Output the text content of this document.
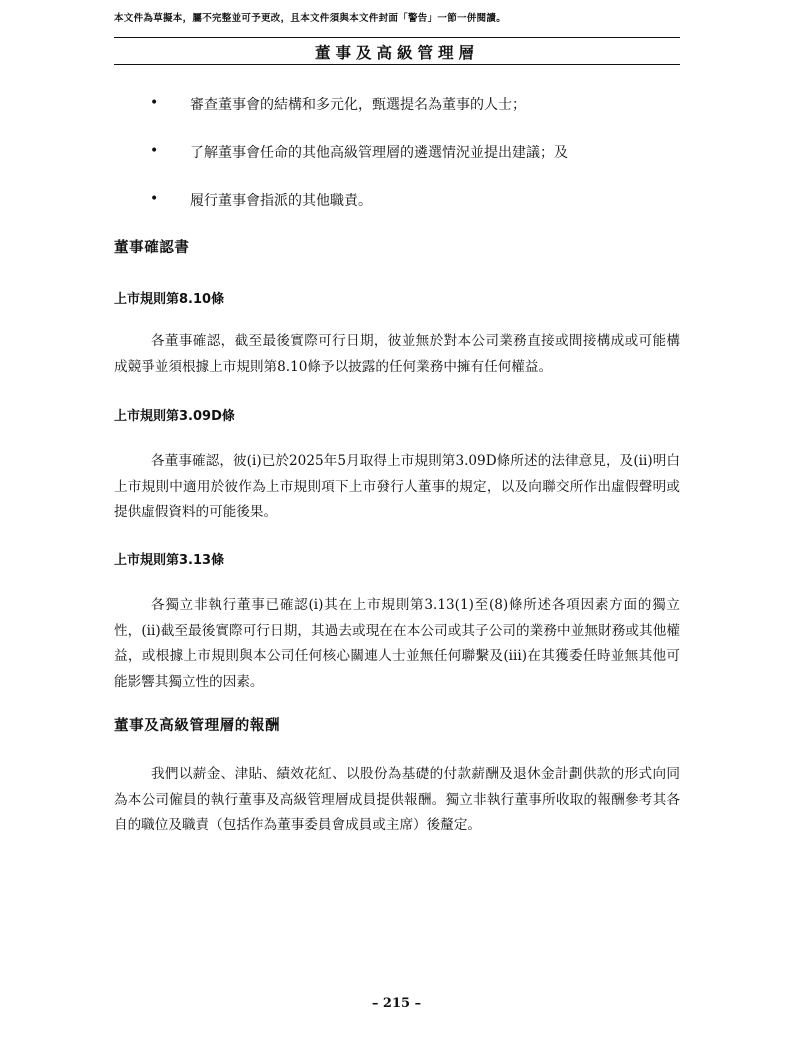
本文件為草擬本，屬不完整並可予更改，且本文件須與本文件封面「警告」一節一併閱讀。
董事及高級管理層
• 審查董事會的結構和多元化，甄選提名為董事的人士；
• 了解董事會任命的其他高級管理層的遴選情況並提出建議；及
• 履行董事會指派的其他職責。
董事確認書
上市規則第8.10條
各董事確認，截至最後實際可行日期，彼並無於對本公司業務直接或間接構成或可能構成競爭並須根據上市規則第8.10條予以披露的任何業務中擁有任何權益。
上市規則第3.09D條
各董事確認，彼(i)已於2025年5月取得上市規則第3.09D條所述的法律意見，及(ii)明白上市規則中適用於彼作為上市規則項下上市發行人董事的規定，以及向聯交所作出虛假聲明或提供虛假資料的可能後果。
上市規則第3.13條
各獨立非執行董事已確認(i)其在上市規則第3.13(1)至(8)條所述各項因素方面的獨立性，(ii)截至最後實際可行日期，其過去或現在在本公司或其子公司的業務中並無財務或其他權益，或根據上市規則與本公司任何核心關連人士並無任何聯繫及(iii)在其獲委任時並無其他可能影響其獨立性的因素。
董事及高級管理層的報酬
我們以薪金、津貼、績效花紅、以股份為基礎的付款薪酬及退休金計劃供款的形式向同為本公司僱員的執行董事及高級管理層成員提供報酬。獨立非執行董事所收取的報酬參考其各自的職位及職責（包括作為董事委員會成員或主席）後釐定。
– 215 –
